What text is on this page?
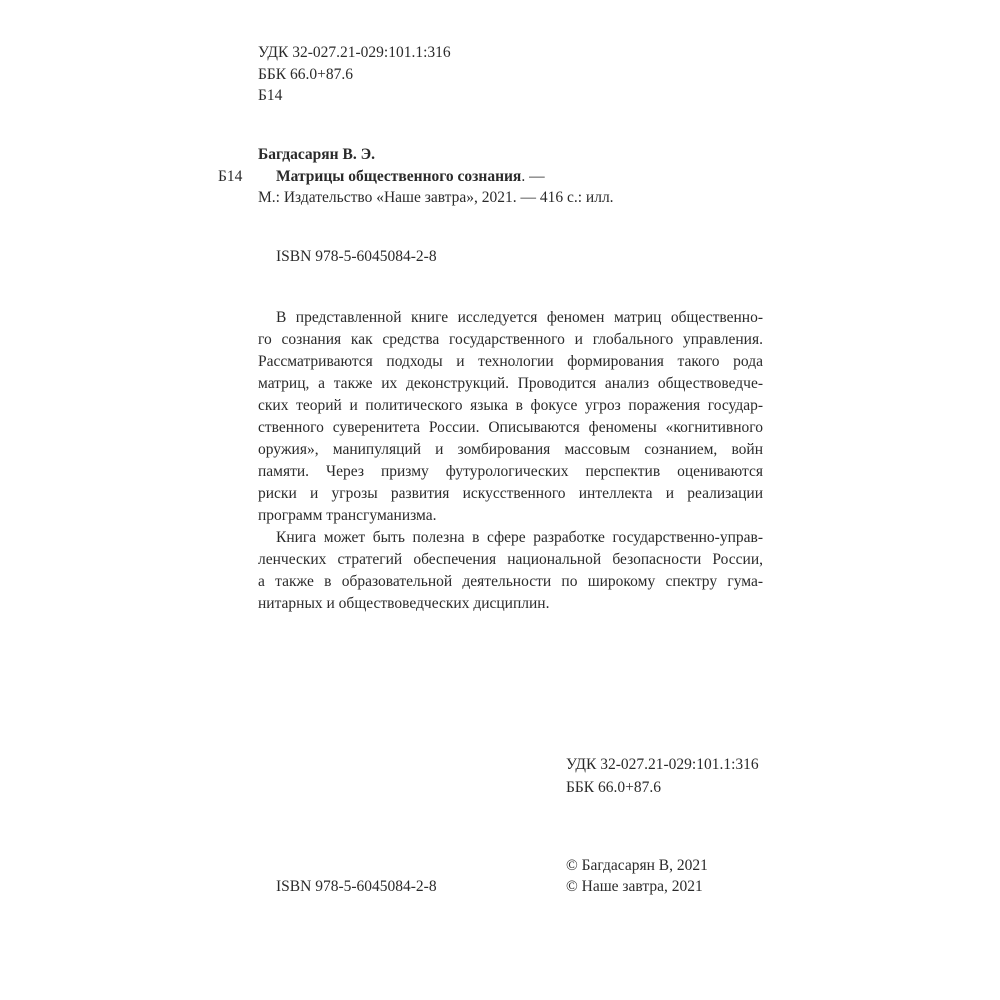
УДК 32-027.21-029:101.1:316
ББК 66.0+87.6
Б14
Багдасарян В. Э.
Б14 Матрицы общественного сознания. —
М.: Издательство «Наше завтра», 2021. — 416 с.: илл.
ISBN 978-5-6045084-2-8
В представленной книге исследуется феномен матриц общественно-
го сознания как средства государственного и глобального управления.
Рассматриваются подходы и технологии формирования такого рода
матриц, а также их деконструкций. Проводится анализ обществоведче-
ских теорий и политического языка в фокусе угроз поражения государ-
ственного суверенитета России. Описываются феномены «когнитивного
оружия», манипуляций и зомбирования массовым сознанием, войн
памяти. Через призму футурологических перспектив оцениваются
риски и угрозы развития искусственного интеллекта и реализации
программ трансгуманизма.
Книга может быть полезна в сфере разработке государственно-управ-
ленческих стратегий обеспечения национальной безопасности России,
а также в образовательной деятельности по широкому спектру гума-
нитарных и обществоведческих дисциплин.
УДК 32-027.21-029:101.1:316
ББК 66.0+87.6
ISBN 978-5-6045084-2-8
© Багдасарян В, 2021
© Наше завтра, 2021
